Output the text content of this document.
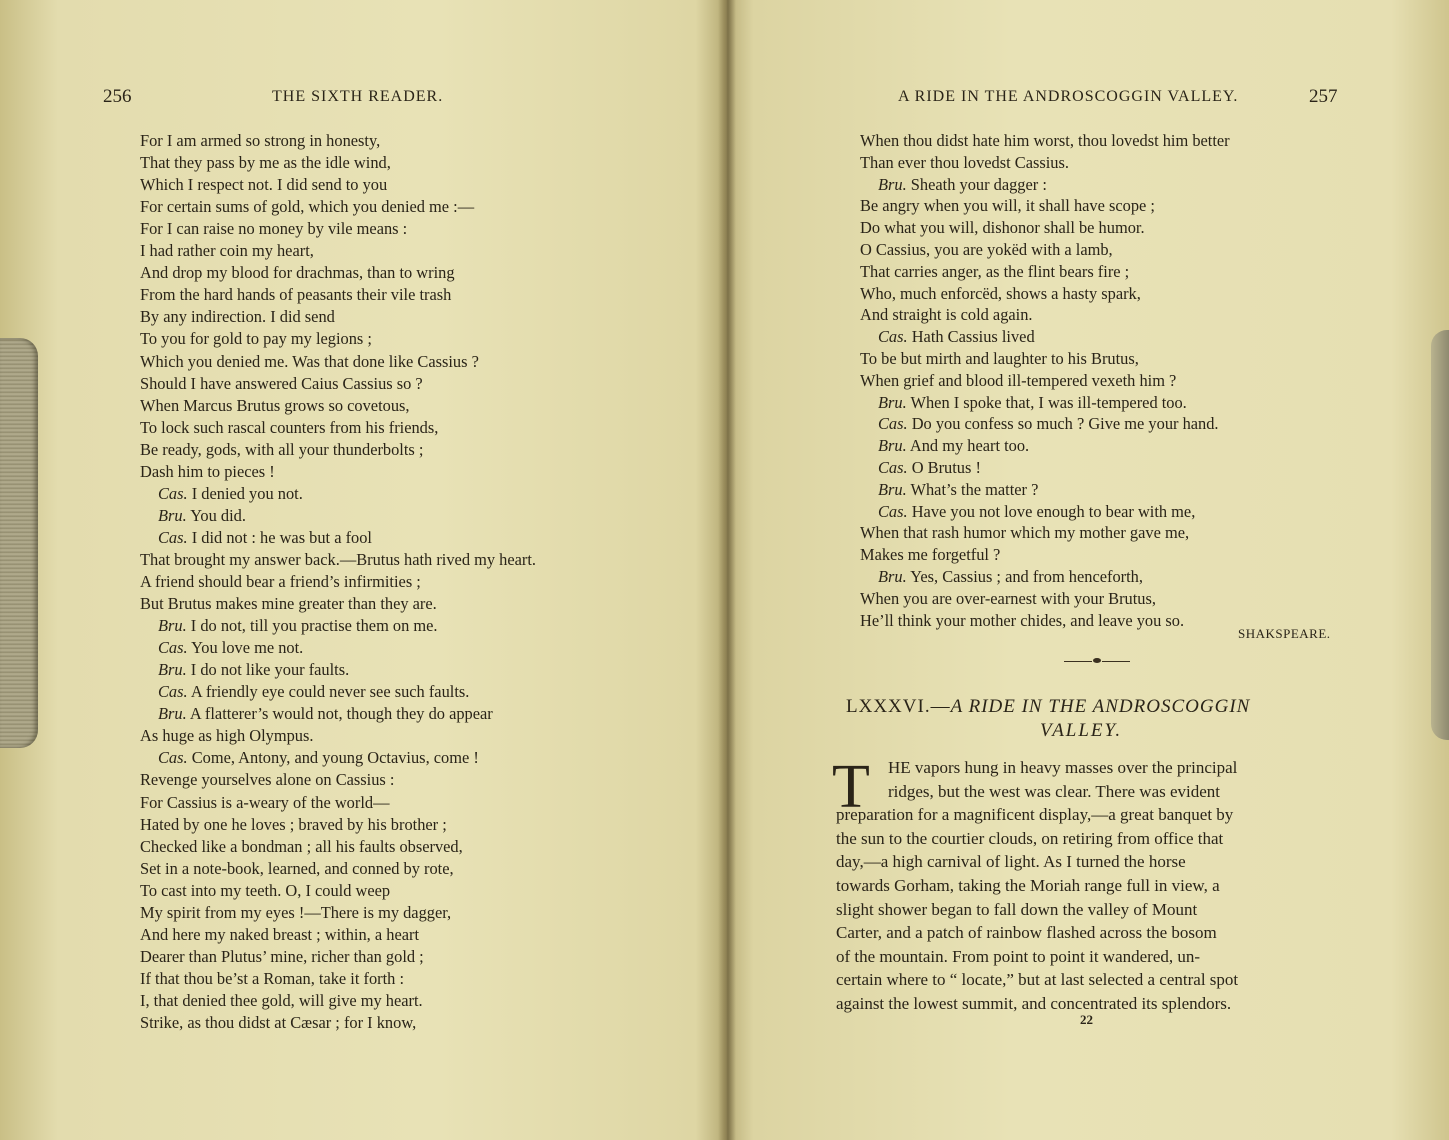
256	THE SIXTH READER.
For I am armed so strong in honesty,
That they pass by me as the idle wind,
Which I respect not. I did send to you
For certain sums of gold, which you denied me :—
For I can raise no money by vile means :
I had rather coin my heart,
And drop my blood for drachmas, than to wring
From the hard hands of peasants their vile trash
By any indirection. I did send
To you for gold to pay my legions ;
Which you denied me. Was that done like Cassius ?
Should I have answered Caius Cassius so ?
When Marcus Brutus grows so covetous,
To lock such rascal counters from his friends,
Be ready, gods, with all your thunderbolts ;
Dash him to pieces !
Cas. I denied you not.
Bru. You did.
Cas. I did not : he was but a fool
That brought my answer back.—Brutus hath rived my heart.
A friend should bear a friend’s infirmities ;
But Brutus makes mine greater than they are.
Bru. I do not, till you practise them on me.
Cas. You love me not.
Bru. I do not like your faults.
Cas. A friendly eye could never see such faults.
Bru. A flatterer’s would not, though they do appear
As huge as high Olympus.
Cas. Come, Antony, and young Octavius, come !
Revenge yourselves alone on Cassius :
For Cassius is a-weary of the world—
Hated by one he loves ; braved by his brother ;
Checked like a bondman ; all his faults observed,
Set in a note-book, learned, and conned by rote,
To cast into my teeth. O, I could weep
My spirit from my eyes !—There is my dagger,
And here my naked breast ; within, a heart
Dearer than Plutus’ mine, richer than gold ;
If that thou be’st a Roman, take it forth :
I, that denied thee gold, will give my heart.
Strike, as thou didst at Cæsar ; for I know,
A RIDE IN THE ANDROSCOGGIN VALLEY.	257
When thou didst hate him worst, thou lovedst him better
Than ever thou lovedst Cassius.
Bru. Sheath your dagger :
Be angry when you will, it shall have scope ;
Do what you will, dishonor shall be humor.
O Cassius, you are yokëd with a lamb,
That carries anger, as the flint bears fire ;
Who, much enforcëd, shows a hasty spark,
And straight is cold again.
Cas. Hath Cassius lived
To be but mirth and laughter to his Brutus,
When grief and blood ill-tempered vexeth him ?
Bru. When I spoke that, I was ill-tempered too.
Cas. Do you confess so much ? Give me your hand.
Bru. And my heart too.
Cas. O Brutus !
Bru. What’s the matter ?
Cas. Have you not love enough to bear with me,
When that rash humor which my mother gave me,
Makes me forgetful ?
Bru. Yes, Cassius ; and from henceforth,
When you are over-earnest with your Brutus,
He’ll think your mother chides, and leave you so.
SHAKSPEARE.
LXXXVI.—A RIDE IN THE ANDROSCOGGIN
VALLEY.
T HE vapors hung in heavy masses over the principal
ridges, but the west was clear. There was evident
preparation for a magnificent display,—a great banquet by
the sun to the courtier clouds, on retiring from office that
day,—a high carnival of light. As I turned the horse
towards Gorham, taking the Moriah range full in view, a
slight shower began to fall down the valley of Mount
Carter, and a patch of rainbow flashed across the bosom
of the mountain. From point to point it wandered, un-
certain where to “ locate,” but at last selected a central spot
against the lowest summit, and concentrated its splendors.
22
